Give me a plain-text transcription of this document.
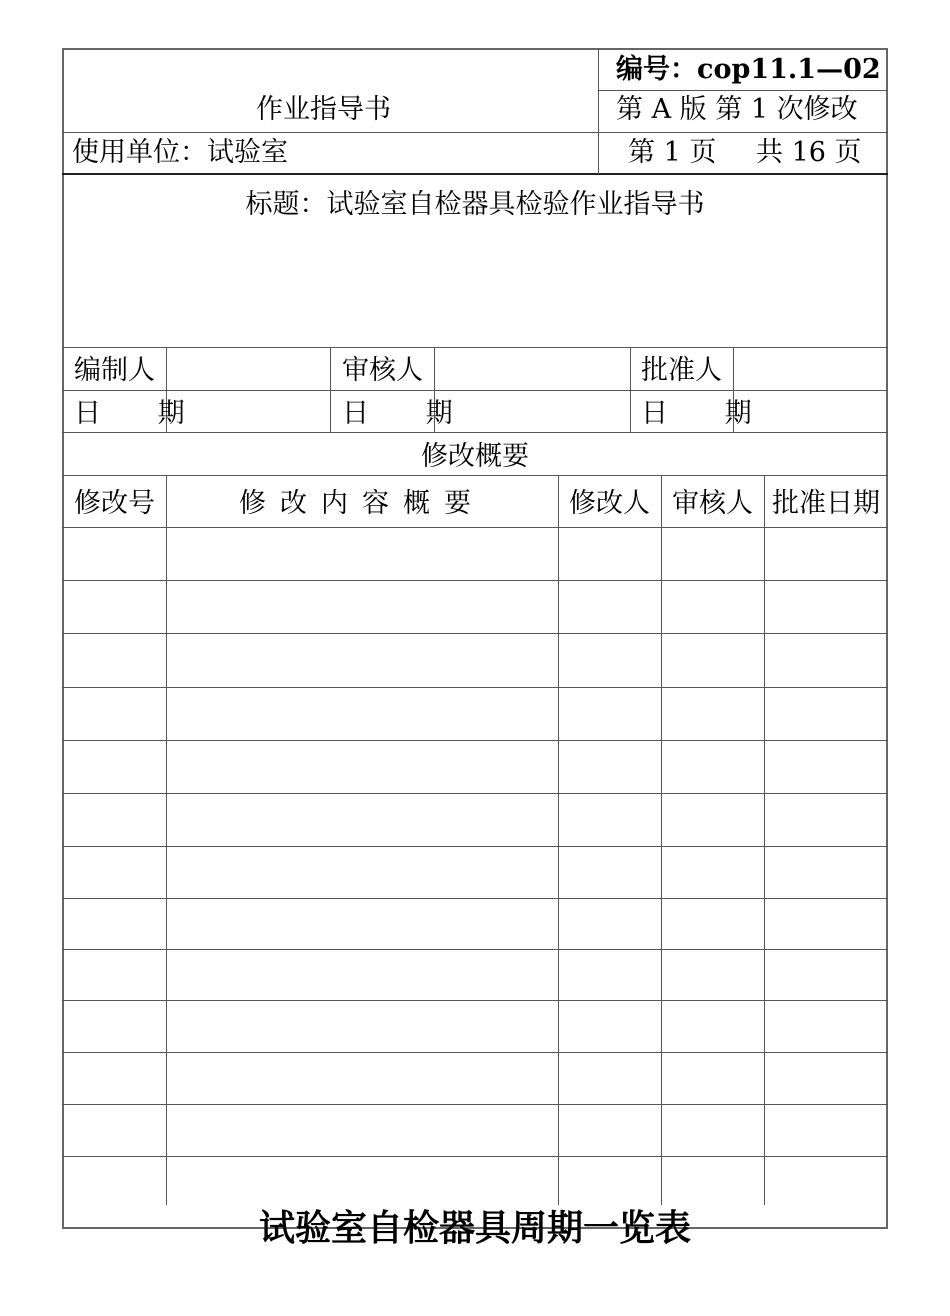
作业指导书
编号：cop11.1—02
第 A 版 第 1 次修改
使用单位：试验室	第 1 页 共 16 页
标题：试验室自检器具检验作业指导书
编制人	审核人	批准人
日 期	日 期	日 期
修改概要
修改号	修改内容概要	修改人 审核人 批准日期
试验室自检器具周期一览表
